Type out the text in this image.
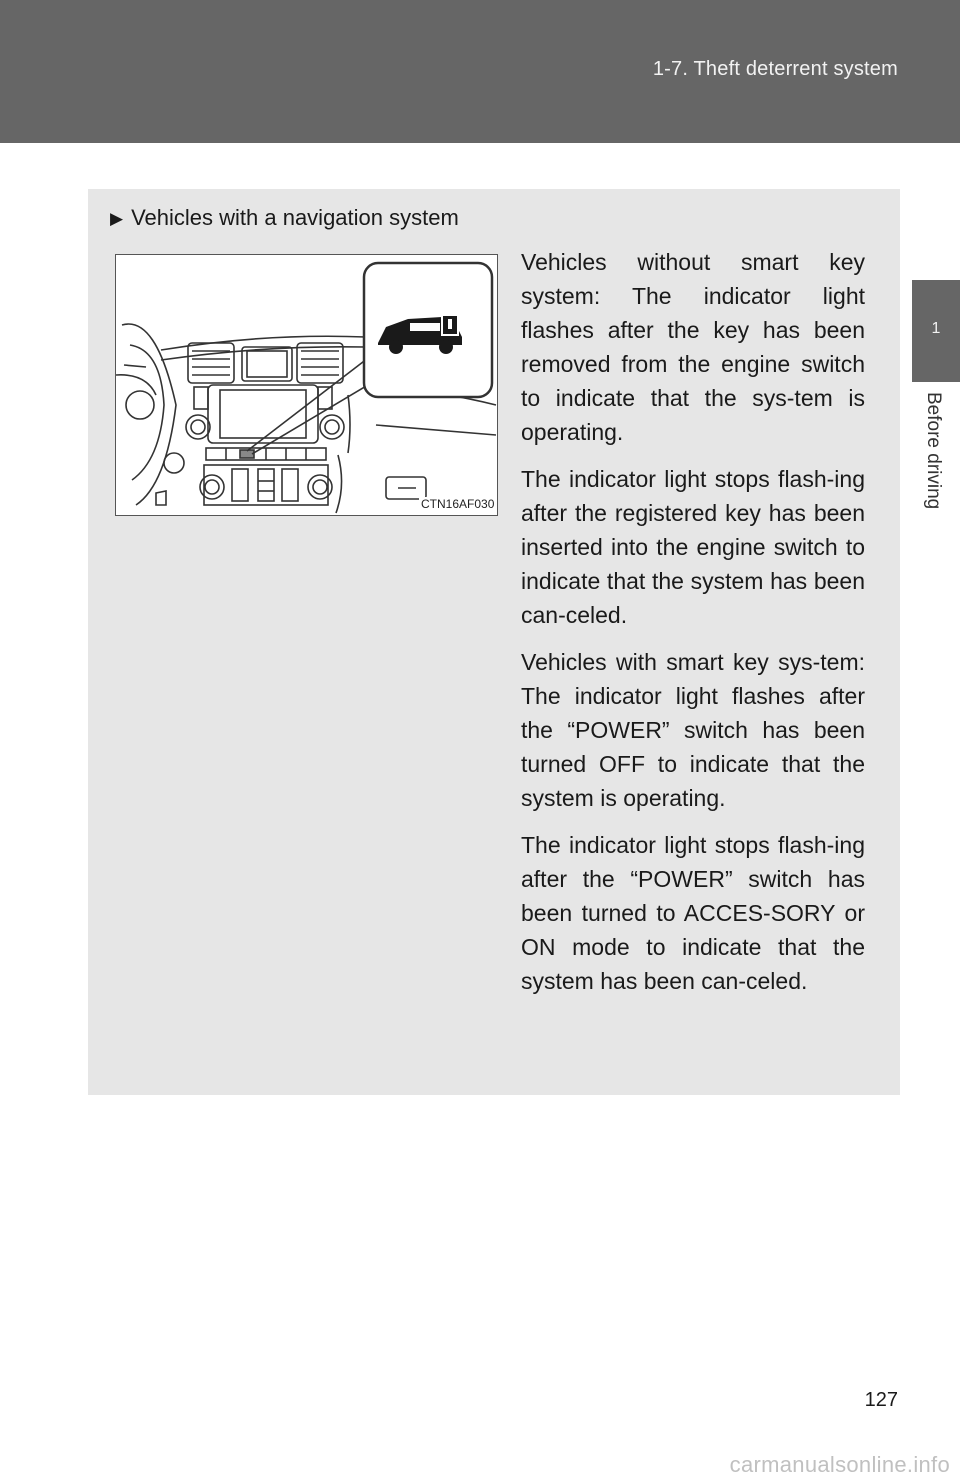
1-7. Theft deterrent system
1
Before driving
▶ Vehicles with a navigation system
CTN16AF030

Vehicles without smart key system: The indicator light flashes after the key has been removed from the engine switch to indicate that the sys-tem is operating.

The indicator light stops flash-ing after the registered key has been inserted into the engine switch to indicate that the system has been can-celed.

Vehicles with smart key sys-tem: The indicator light flashes after the “POWER” switch has been turned OFF to indicate that the system is operating.

The indicator light stops flash-ing after the “POWER” switch has been turned to ACCES-SORY or ON mode to indicate that the system has been can-celed.

127
carmanualsonline.info
